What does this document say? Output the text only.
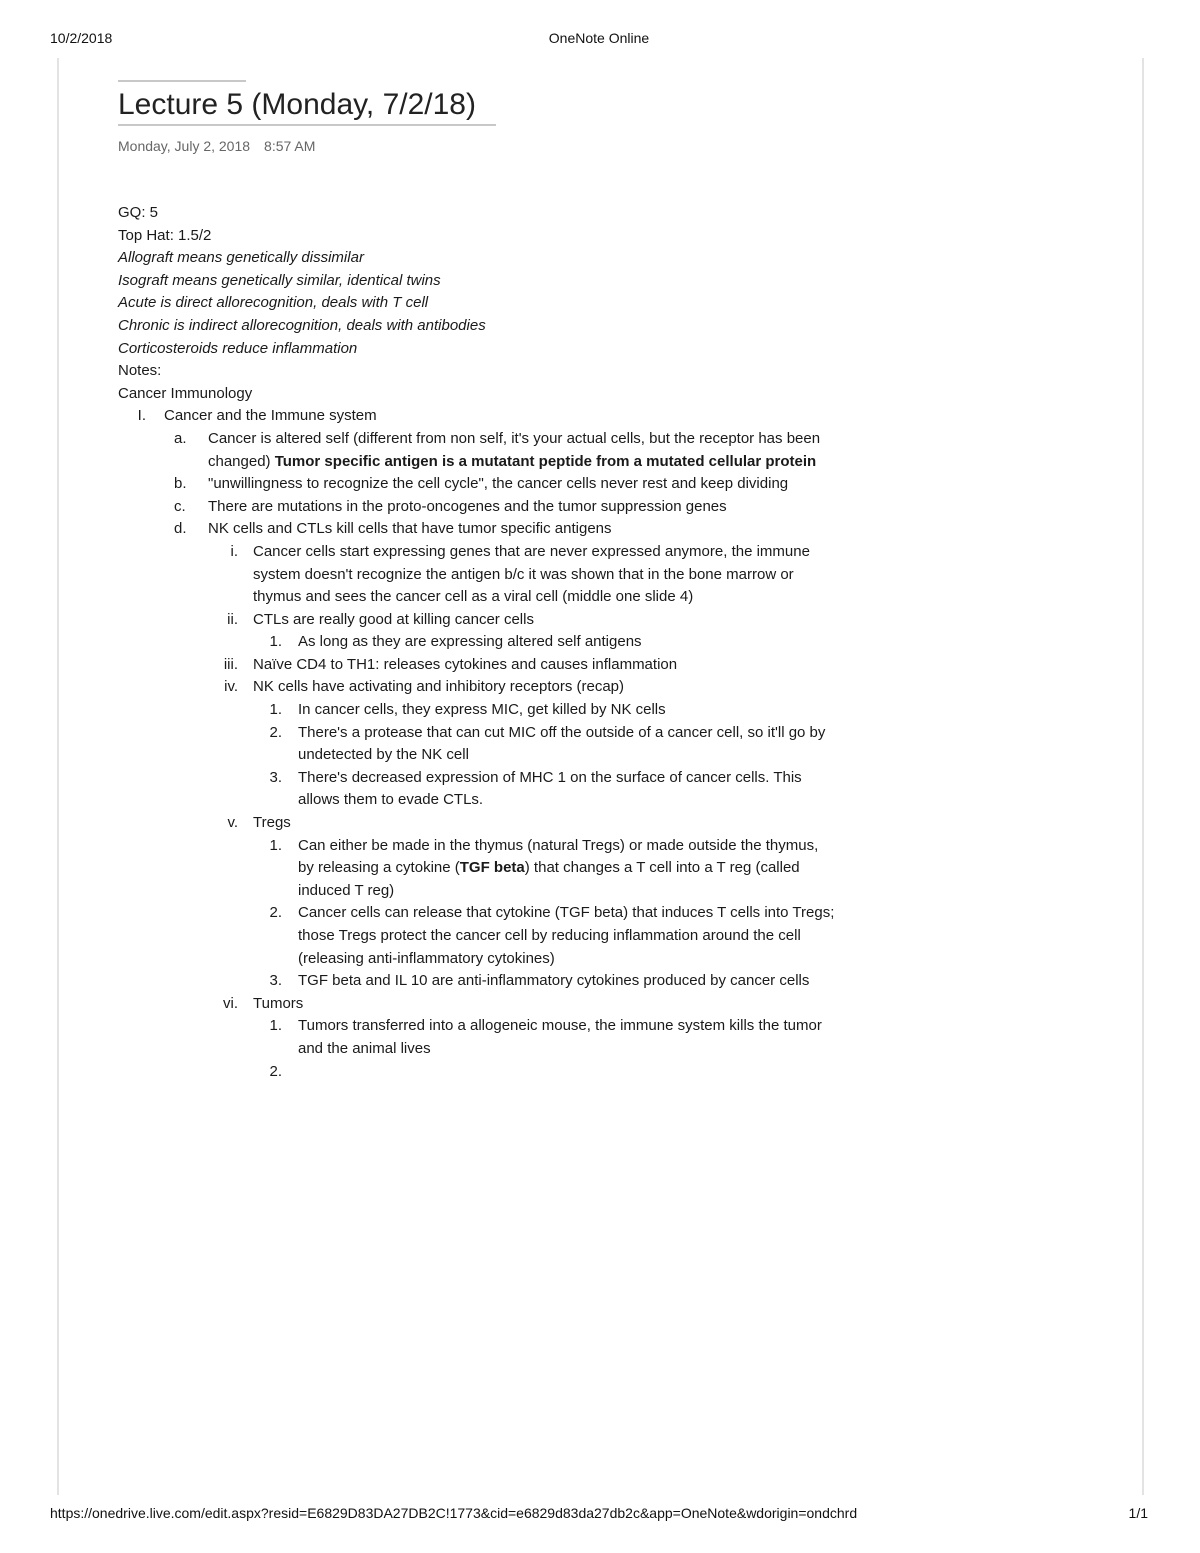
10/2/2018	OneNote Online
Lecture 5 (Monday, 7/2/18)
Monday, July 2, 2018 8:57 AM
GQ: 5
Top Hat: 1.5/2
Allograft means genetically dissimilar
Isograft means genetically similar, identical twins
Acute is direct allorecognition, deals with T cell
Chronic is indirect allorecognition, deals with antibodies
Corticosteroids reduce inflammation
Notes:
Cancer Immunology
I. Cancer and the Immune system
a.	Cancer is altered self (different from non self, it's your actual cells, but the receptor has been
changed) Tumor specific antigen is a mutatant peptide from a mutated cellular protein
b.	"unwillingness to recognize the cell cycle", the cancer cells never rest and keep dividing
c.	There are mutations in the proto-oncogenes and the tumor suppression genes
d.	NK cells and CTLs kill cells that have tumor specific antigens
i. Cancer cells start expressing genes that are never expressed anymore, the immune
system doesn't recognize the antigen b/c it was shown that in the bone marrow or
thymus and sees the cancer cell as a viral cell (middle one slide 4)
ii. CTLs are really good at killing cancer cells
1. As long as they are expressing altered self antigens
iii. Naïve CD4 to TH1: releases cytokines and causes inflammation
iv. NK cells have activating and inhibitory receptors (recap)
1. In cancer cells, they express MIC, get killed by NK cells
2. There's a protease that can cut MIC off the outside of a cancer cell, so it'll go by
undetected by the NK cell
3. There's decreased expression of MHC 1 on the surface of cancer cells. This
allows them to evade CTLs.
v. Tregs
1. Can either be made in the thymus (natural Tregs) or made outside the thymus,
by releasing a cytokine (TGF beta) that changes a T cell into a T reg (called
induced T reg)
2. Cancer cells can release that cytokine (TGF beta) that induces T cells into Tregs;
those Tregs protect the cancer cell by reducing inflammation around the cell
(releasing anti-inflammatory cytokines)
3. TGF beta and IL 10 are anti-inflammatory cytokines produced by cancer cells
vi. Tumors
1. Tumors transferred into a allogeneic mouse, the immune system kills the tumor
and the animal lives
2.

https://onedrive.live.com/edit.aspx?resid=E6829D83DA27DB2C!1773&cid=e6829d83da27db2c&app=OneNote&wdorigin=ondchrd	1/1
